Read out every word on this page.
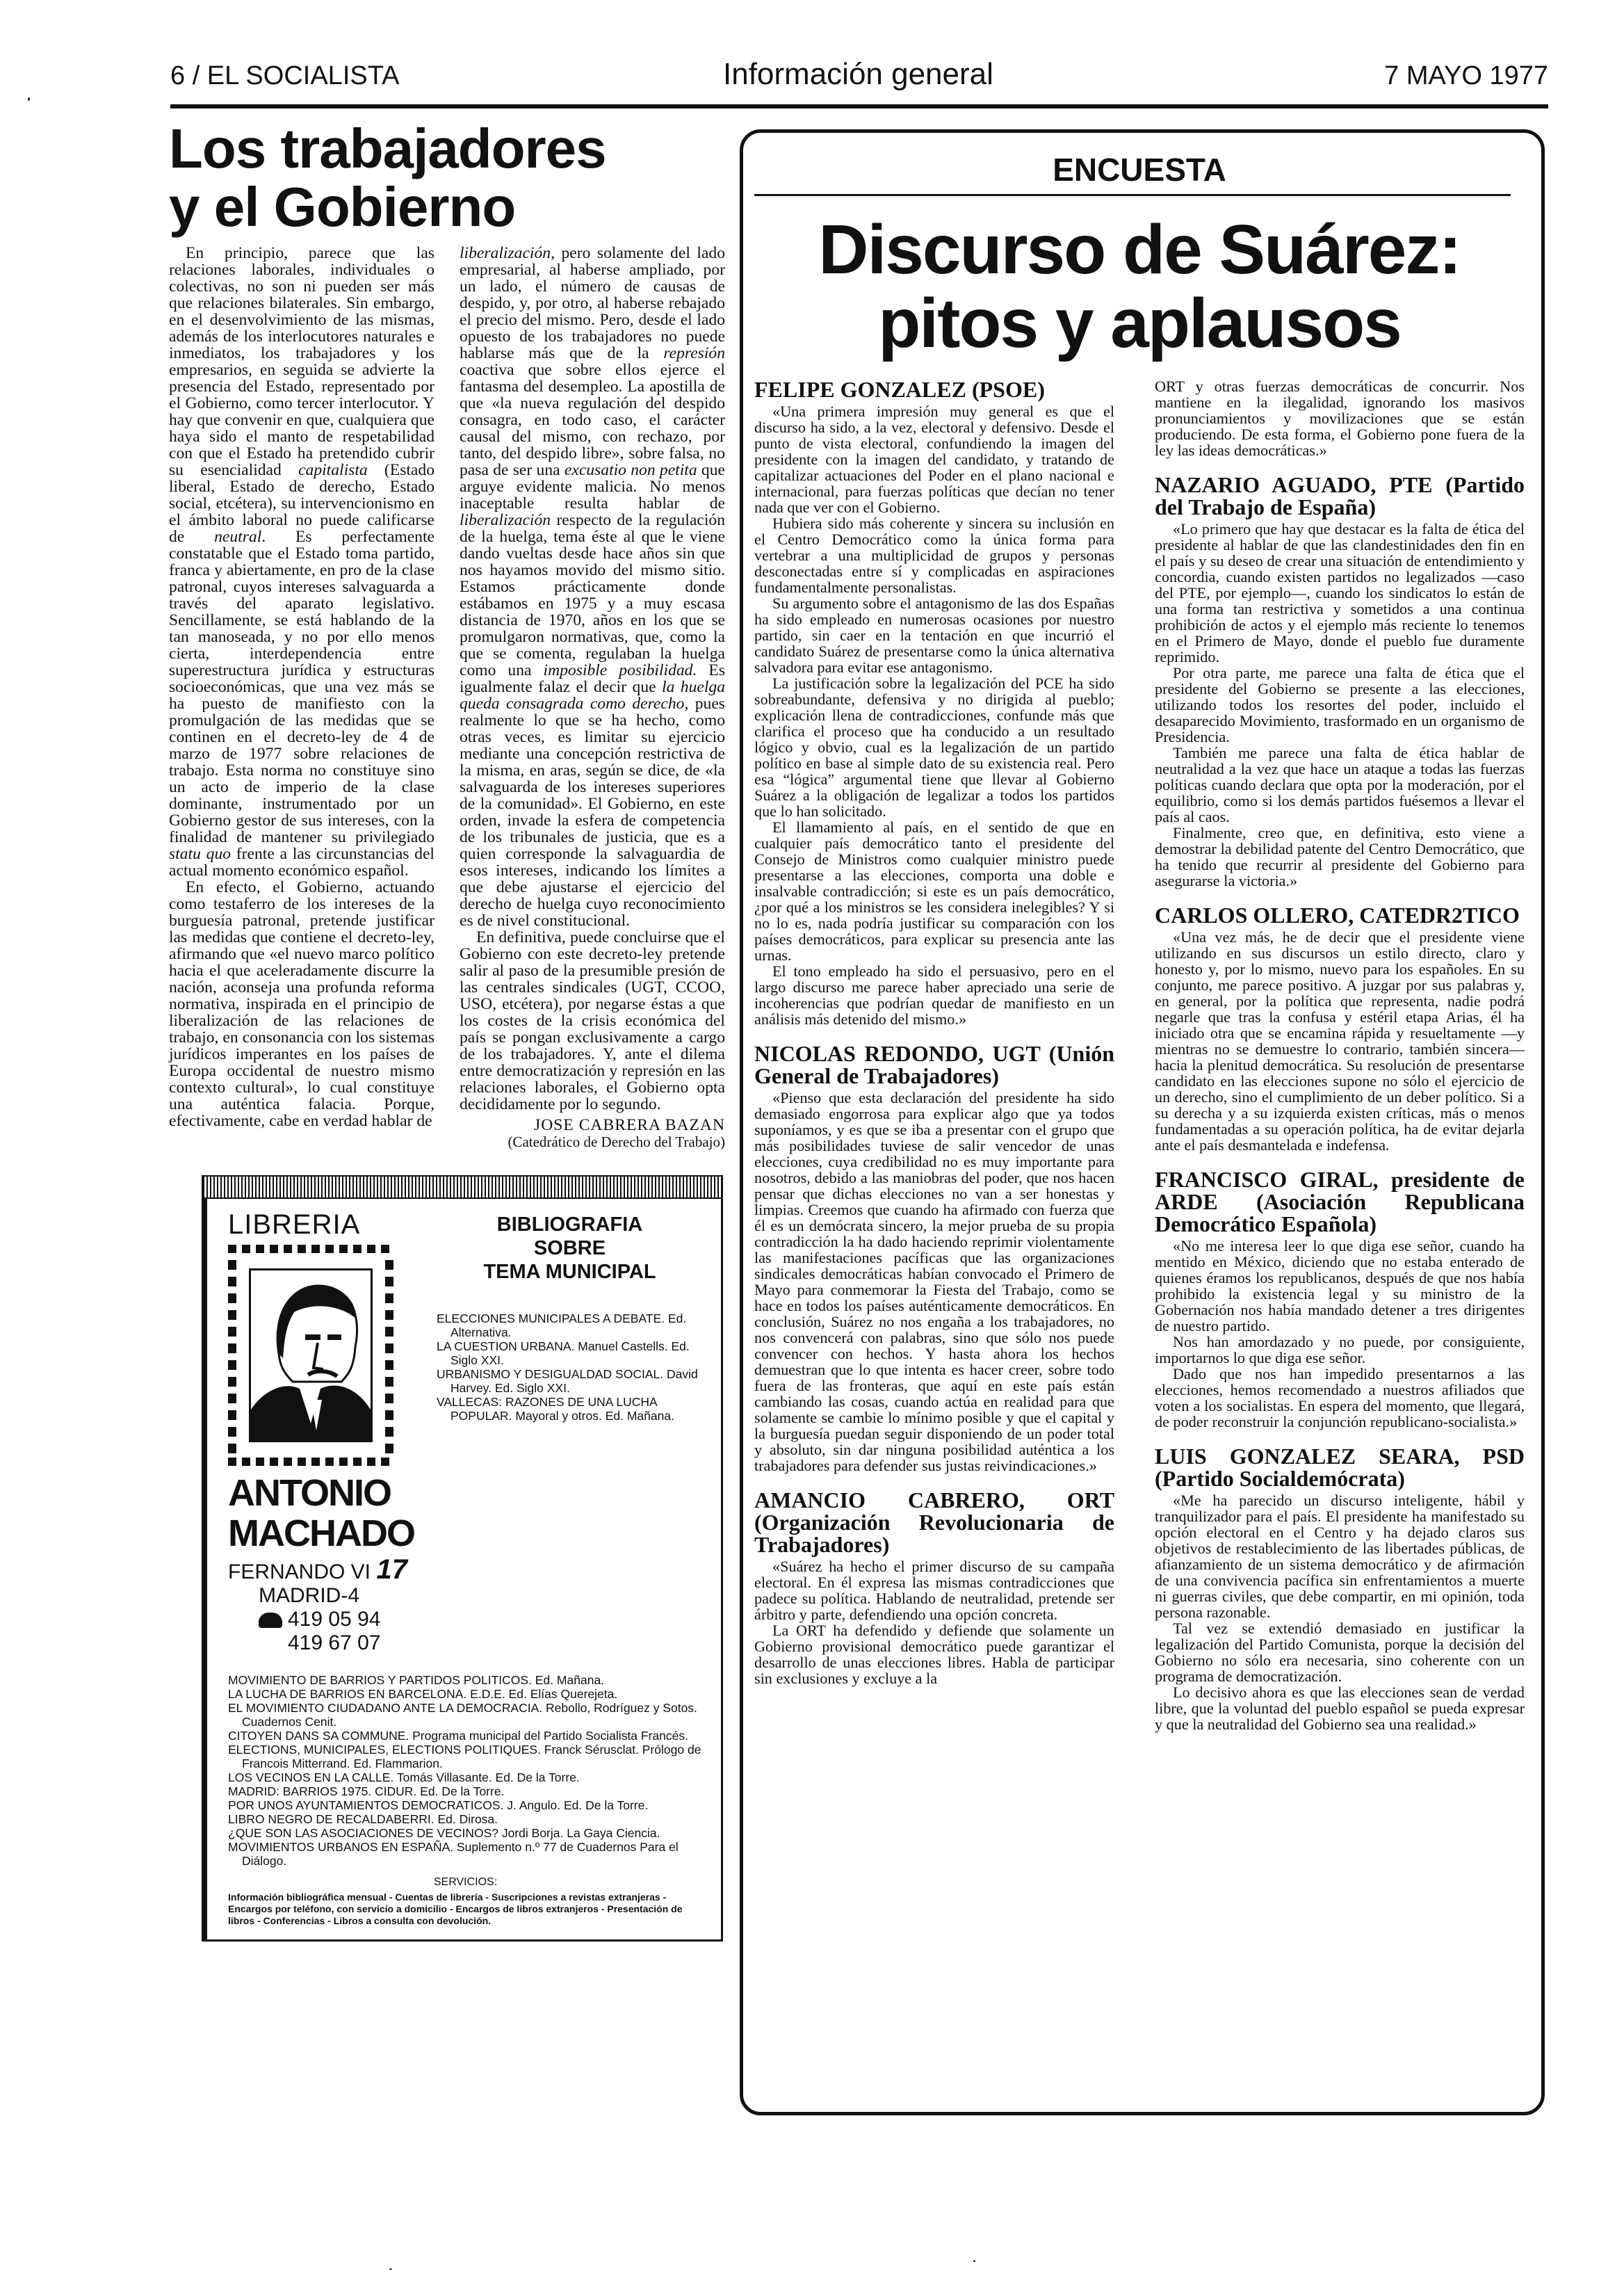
6 / EL SOCIALISTA	Información general	7 MAYO 1977
Los trabajadores
y el Gobierno

En principio, parece que las relaciones laborales, individuales o colectivas, no son ni pueden ser más que relaciones bilaterales. Sin embargo, en el desenvolvimiento de las mismas, además de los interlocutores naturales e inmediatos, los trabajadores y los empresarios, en seguida se advierte la presencia del Estado, representado por el Gobierno, como tercer interlocutor. Y hay que convenir en que, cualquiera que haya sido el manto de respetabilidad con que el Estado ha pretendido cubrir su esencialidad capitalista (Estado liberal, Estado de derecho, Estado social, etcétera), su intervencionismo en el ámbito laboral no puede calificarse de neutral. Es perfectamente constatable que el Estado toma partido, franca y abiertamente, en pro de la clase patronal, cuyos intereses salvaguarda a través del aparato legislativo. Sencillamente, se está hablando de la tan manoseada, y no por ello menos cierta, interdependencia entre superestructura jurídica y estructuras socioeconómicas, que una vez más se ha puesto de manifiesto con la promulgación de las medidas que se continen en el decreto-ley de 4 de marzo de 1977 sobre relaciones de trabajo. Esta norma no constituye sino un acto de imperio de la clase dominante, instrumentado por un Gobierno gestor de sus intereses, con la finalidad de mantener su privilegiado statu quo frente a las circunstancias del actual momento económico español.

En efecto, el Gobierno, actuando como testaferro de los intereses de la burguesía patronal, pretende justificar las medidas que contiene el decreto-ley, afirmando que «el nuevo marco político hacia el que aceleradamente discurre la nación, aconseja una profunda reforma normativa, inspirada en el principio de liberalización de las relaciones de trabajo, en consonancia con los sistemas jurídicos imperantes en los países de Europa occidental de nuestro mismo contexto cultural», lo cual constituye una auténtica falacia. Porque, efectivamente, cabe en verdad hablar de

liberalización, pero solamente del lado empresarial, al haberse ampliado, por un lado, el número de causas de despido, y, por otro, al haberse rebajado el precio del mismo. Pero, desde el lado opuesto de los trabajadores no puede hablarse más que de la represión coactiva que sobre ellos ejerce el fantasma del desempleo. La apostilla de que «la nueva regulación del despido consagra, en todo caso, el carácter causal del mismo, con rechazo, por tanto, del despido libre», sobre falsa, no pasa de ser una excusatio non petita que arguye evidente malicia. No menos inaceptable resulta hablar de liberalización respecto de la regulación de la huelga, tema éste al que le viene dando vueltas desde hace años sin que nos hayamos movido del mismo sitio. Estamos prácticamente donde estábamos en 1975 y a muy escasa distancia de 1970, años en los que se promulgaron normativas, que, como la que se comenta, regulaban la huelga como una imposible posibilidad. Es igualmente falaz el decir que la huelga queda consagrada como derecho, pues realmente lo que se ha hecho, como otras veces, es limitar su ejercicio mediante una concepción restrictiva de la misma, en aras, según se dice, de «la salvaguarda de los intereses superiores de la comunidad». El Gobierno, en este orden, invade la esfera de competencia de los tribunales de justicia, que es a quien corresponde la salvaguardia de esos intereses, indicando los límites a que debe ajustarse el ejercicio del derecho de huelga cuyo reconocimiento es de nivel constitucional.

En definitiva, puede concluirse que el Gobierno con este decreto-ley pretende salir al paso de la presumible presión de las centrales sindicales (UGT, CCOO, USO, etcétera), por negarse éstas a que los costes de la crisis económica del país se pongan exclusivamente a cargo de los trabajadores. Y, ante el dilema entre democratización y represión en las relaciones laborales, el Gobierno opta decididamente por lo segundo.

JOSE CABRERA BAZAN

(Catedrático de Derecho del Trabajo)

LIBRERIA
ANTONIO
MACHADO
FERNANDO VI 17
MADRID-4
419 05 94
419 67 07
BIBLIOGRAFIA
SOBRE
TEMA MUNICIPAL
ELECCIONES MUNICIPALES A DEBATE. Ed. Alternativa.
LA CUESTION URBANA. Manuel Castells. Ed. Siglo XXI.
URBANISMO Y DESIGUALDAD SOCIAL. David Harvey. Ed. Siglo XXI.
VALLECAS: RAZONES DE UNA LUCHA POPULAR. Mayoral y otros. Ed. Mañana.
MOVIMIENTO DE BARRIOS Y PARTIDOS POLITICOS. Ed. Mañana.
LA LUCHA DE BARRIOS EN BARCELONA. E.D.E. Ed. Elías Querejeta.
EL MOVIMIENTO CIUDADANO ANTE LA DEMOCRACIA. Rebollo, Rodríguez y Sotos. Cuadernos Cenit.
CITOYEN DANS SA COMMUNE. Programa municipal del Partido Socialista Francés.
ELECTIONS, MUNICIPALES, ELECTIONS POLITIQUES. Franck Sérusclat. Prólogo de Francois Mitterrand. Ed. Flammarion.
LOS VECINOS EN LA CALLE. Tomás Villasante. Ed. De la Torre.
MADRID: BARRIOS 1975. CIDUR. Ed. De la Torre.
POR UNOS AYUNTAMIENTOS DEMOCRATICOS. J. Angulo. Ed. De la Torre.
LIBRO NEGRO DE RECALDABERRI. Ed. Dirosa.
¿QUE SON LAS ASOCIACIONES DE VECINOS? Jordi Borja. La Gaya Ciencia.
MOVIMIENTOS URBANOS EN ESPAÑA. Suplemento n.º 77 de Cuadernos Para el Diálogo.
SERVICIOS:
Información bibliográfica mensual - Cuentas de librería - Suscripciones a revistas extranjeras - Encargos por teléfono, con servicio a domicilio - Encargos de libros extranjeros - Presentación de libros - Conferencias - Libros a consulta con devolución.
ENCUESTA
Discurso de Suárez:
pitos y aplausos
FELIPE GONZALEZ (PSOE)

«Una primera impresión muy general es que el discurso ha sido, a la vez, electoral y defensivo. Desde el punto de vista electoral, confundiendo la imagen del presidente con la imagen del candidato, y tratando de capitalizar actuaciones del Poder en el plano nacional e internacional, para fuerzas políticas que decían no tener nada que ver con el Gobierno.

Hubiera sido más coherente y sincera su inclusión en el Centro Democrático como la única forma para vertebrar a una multiplicidad de grupos y personas desconectadas entre sí y complicadas en aspiraciones fundamentalmente personalistas.

Su argumento sobre el antagonismo de las dos Españas ha sido empleado en numerosas ocasiones por nuestro partido, sin caer en la tentación en que incurrió el candidato Suárez de presentarse como la única alternativa salvadora para evitar ese antagonismo.

La justificación sobre la legalización del PCE ha sido sobreabundante, defensiva y no dirigida al pueblo; explicación llena de contradicciones, confunde más que clarifica el proceso que ha conducido a un resultado lógico y obvio, cual es la legalización de un partido político en base al simple dato de su existencia real. Pero esa “lógica” argumental tiene que llevar al Gobierno Suárez a la obligación de legalizar a todos los partidos que lo han solicitado.

El llamamiento al país, en el sentido de que en cualquier país democrático tanto el presidente del Consejo de Ministros como cualquier ministro puede presentarse a las elecciones, comporta una doble e insalvable contradicción; si este es un país democrático, ¿por qué a los ministros se les considera inelegibles? Y si no lo es, nada podría justificar su comparación con los países democráticos, para explicar su presencia ante las urnas.

El tono empleado ha sido el persuasivo, pero en el largo discurso me parece haber apreciado una serie de incoherencias que podrían quedar de manifiesto en un análisis más detenido del mismo.»

NICOLAS REDONDO, UGT (Unión General de Trabajadores)

«Pienso que esta declaración del presidente ha sido demasiado engorrosa para explicar algo que ya todos suponíamos, y es que se iba a presentar con el grupo que más posibilidades tuviese de salir vencedor de unas elecciones, cuya credibilidad no es muy importante para nosotros, debido a las maniobras del poder, que nos hacen pensar que dichas elecciones no van a ser honestas y limpias. Creemos que cuando ha afirmado con fuerza que él es un demócrata sincero, la mejor prueba de su propia contradicción la ha dado haciendo reprimir violentamente las manifestaciones pacíficas que las organizaciones sindicales democráticas habían convocado el Primero de Mayo para conmemorar la Fiesta del Trabajo, como se hace en todos los países auténticamente democráticos. En conclusión, Suárez no nos engaña a los trabajadores, no nos convencerá con palabras, sino que sólo nos puede convencer con hechos. Y hasta ahora los hechos demuestran que lo que intenta es hacer creer, sobre todo fuera de las fronteras, que aquí en este país están cambiando las cosas, cuando actúa en realidad para que solamente se cambie lo mínimo posible y que el capital y la burguesía puedan seguir disponiendo de un poder total y absoluto, sin dar ninguna posibilidad auténtica a los trabajadores para defender sus justas reivindicaciones.»

AMANCIO CABRERO, ORT (Organización Revolucionaria de Trabajadores)

«Suárez ha hecho el primer discurso de su campaña electoral. En él expresa las mismas contradicciones que padece su política. Hablando de neutralidad, pretende ser árbitro y parte, defendiendo una opción concreta.

La ORT ha defendido y defiende que solamente un Gobierno provisional democrático puede garantizar el desarrollo de unas elecciones libres. Habla de participar sin exclusiones y excluye a la

ORT y otras fuerzas democráticas de concurrir. Nos mantiene en la ilegalidad, ignorando los masivos pronunciamientos y movilizaciones que se están produciendo. De esta forma, el Gobierno pone fuera de la ley las ideas democráticas.»

NAZARIO AGUADO, PTE (Partido del Trabajo de España)

«Lo primero que hay que destacar es la falta de ética del presidente al hablar de que las clandestinidades den fin en el país y su deseo de crear una situación de entendimiento y concordia, cuando existen partidos no legalizados —caso del PTE, por ejemplo—, cuando los sindicatos lo están de una forma tan restrictiva y sometidos a una continua prohibición de actos y el ejemplo más reciente lo tenemos en el Primero de Mayo, donde el pueblo fue duramente reprimido.

Por otra parte, me parece una falta de ética que el presidente del Gobierno se presente a las elecciones, utilizando todos los resortes del poder, incluido el desaparecido Movimiento, trasformado en un organismo de Presidencia.

También me parece una falta de ética hablar de neutralidad a la vez que hace un ataque a todas las fuerzas políticas cuando declara que opta por la moderación, por el equilibrio, como si los demás partidos fuésemos a llevar el país al caos.

Finalmente, creo que, en definitiva, esto viene a demostrar la debilidad patente del Centro Democrático, que ha tenido que recurrir al presidente del Gobierno para asegurarse la victoria.»

CARLOS OLLERO, CATEDR2TICO

«Una vez más, he de decir que el presidente viene utilizando en sus discursos un estilo directo, claro y honesto y, por lo mismo, nuevo para los españoles. En su conjunto, me parece positivo. A juzgar por sus palabras y, en general, por la política que representa, nadie podrá negarle que tras la confusa y estéril etapa Arias, él ha iniciado otra que se encamina rápida y resueltamente —y mientras no se demuestre lo contrario, también sincera— hacia la plenitud democrática. Su resolución de presentarse candidato en las elecciones supone no sólo el ejercicio de un derecho, sino el cumplimiento de un deber político. Si a su derecha y a su izquierda existen críticas, más o menos fundamentadas a su operación política, ha de evitar dejarla ante el país desmantelada e indefensa.

FRANCISCO GIRAL, presidente de ARDE (Asociación Republicana Democrático Española)

«No me interesa leer lo que diga ese señor, cuando ha mentido en México, diciendo que no estaba enterado de quienes éramos los republicanos, después de que nos había prohibido la existencia legal y su ministro de la Gobernación nos había mandado detener a tres dirigentes de nuestro partido.

Nos han amordazado y no puede, por consiguiente, importarnos lo que diga ese señor.

Dado que nos han impedido presentarnos a las elecciones, hemos recomendado a nuestros afiliados que voten a los socialistas. En espera del momento, que llegará, de poder reconstruir la conjunción republicano-socialista.»

LUIS GONZALEZ SEARA, PSD (Partido Socialdemócrata)

«Me ha parecido un discurso inteligente, hábil y tranquilizador para el país. El presidente ha manifestado su opción electoral en el Centro y ha dejado claros sus objetivos de restablecimiento de las libertades públicas, de afianzamiento de un sistema democrático y de afirmación de una convivencia pacífica sin enfrentamientos a muerte ni guerras civiles, que debe compartir, en mi opinión, toda persona razonable.

Tal vez se extendió demasiado en justificar la legalización del Partido Comunista, porque la decisión del Gobierno no sólo era necesaria, sino coherente con un programa de democratización.

Lo decisivo ahora es que las elecciones sean de verdad libre, que la voluntad del pueblo español se pueda expresar y que la neutralidad del Gobierno sea una realidad.»
